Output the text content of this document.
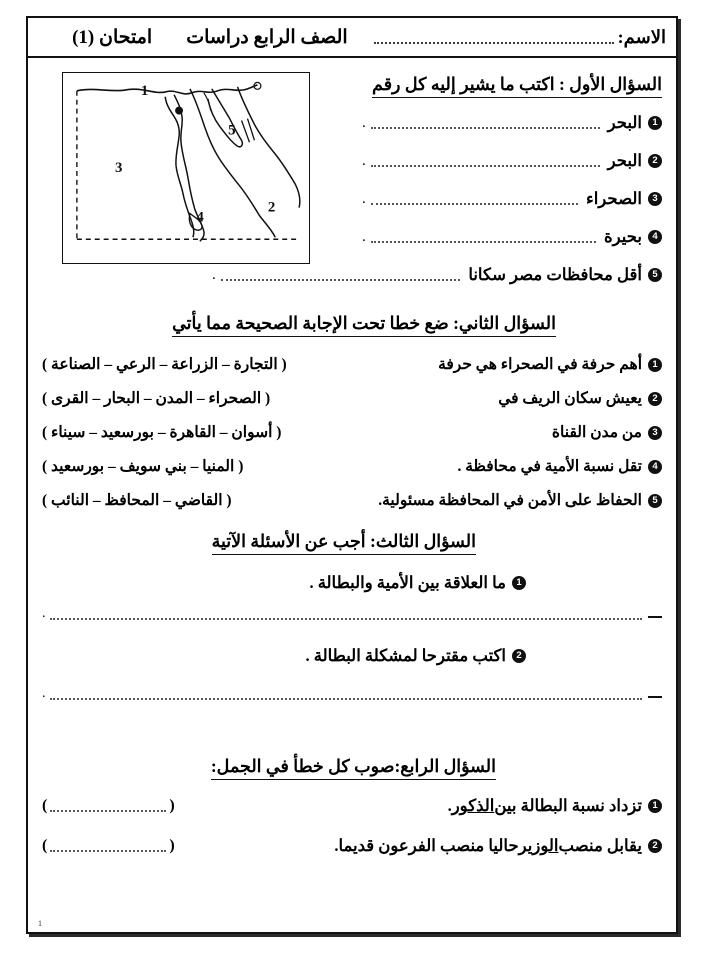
الاسم:
الصف الرابع دراسات
امتحان (1)
1
2
3
4
5
السؤال الأول : اكتب ما يشير إليه كل رقم
1
البحر
.
2
البحر
.
3
الصحراء
.
4
بحيرة
.
5
أقل محافظات مصر سكانا
.
السؤال الثاني: ضع خطا تحت الإجابة الصحيحة مما يأتي
1
أهم حرفة في الصحراء هي حرفة
( التجارة – الزراعة – الرعي – الصناعة )
2
يعيش سكان الريف في
( الصحراء – المدن – البحار – القرى )
3
من مدن القناة
( أسوان – القاهرة – بورسعيد – سيناء )
4
تقل نسبة الأمية في محافظة .
( المنيا – بني سويف – بورسعيد )
5
الحفاظ على الأمن في المحافظة مسئولية.
( القاضي – المحافظ – النائب )
السؤال الثالث: أجب عن الأسئلة الآتية
1
ما العلاقة بين الأمية والبطالة .
.
2
اكتب مقترحا لمشكلة البطالة .
.
السؤال الرابع:صوب كل خطأ في الجمل:
1
تزداد نسبة البطالة بين
الذكور
.
(
)
2
يقابل منصب
الوزير
حاليا منصب الفرعون قديما.
(
)
1
